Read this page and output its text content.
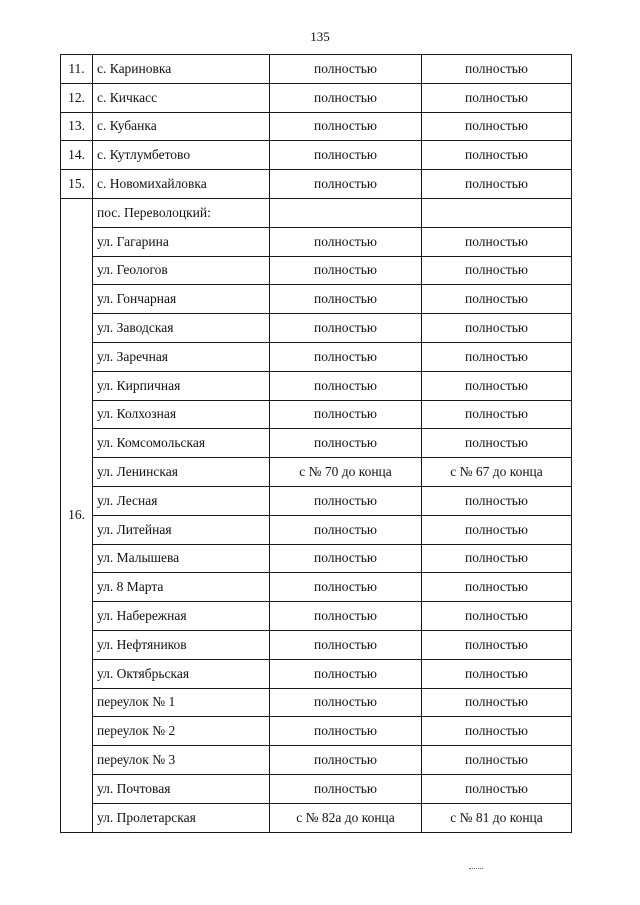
135
11.	с. Кариновка	полностью	полностью
12.	с. Кичкасс	полностью	полностью
13.	с. Кубанка	полностью	полностью
14.	с. Кутлумбетово	полностью	полностью
15.	с. Новомихайловка	полностью	полностью
16.	пос. Переволоцкий:		
	ул. Гагарина	полностью	полностью
	ул. Геологов	полностью	полностью
	ул. Гончарная	полностью	полностью
	ул. Заводская	полностью	полностью
	ул. Заречная	полностью	полностью
	ул. Кирпичная	полностью	полностью
	ул. Колхозная	полностью	полностью
	ул. Комсомольская	полностью	полностью
	ул. Ленинская	с № 70 до конца	с № 67 до конца
	ул. Лесная	полностью	полностью
	ул. Литейная	полностью	полностью
	ул. Малышева	полностью	полностью
	ул. 8 Марта	полностью	полностью
	ул. Набережная	полностью	полностью
	ул. Нефтяников	полностью	полностью
	ул. Октябрьская	полностью	полностью
	переулок № 1	полностью	полностью
	переулок № 2	полностью	полностью
	переулок № 3	полностью	полностью
	ул. Почтовая	полностью	полностью
	ул. Пролетарская	с № 82а до конца	с № 81 до конца
